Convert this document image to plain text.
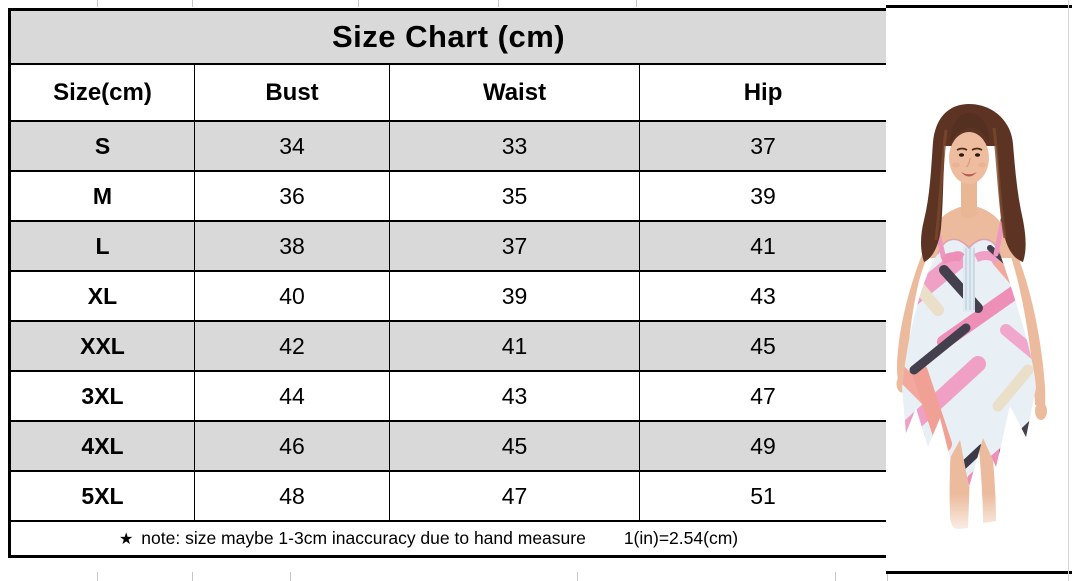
Size Chart (cm)			
Size(cm)	Bust	Waist	Hip
S	34	33	37
M	36	35	39
L	38	37	41
XL	40	39	43
XXL	42	41	45
3XL	44	43	47
4XL	46	45	49
5XL	48	47	51

★ note: size maybe 1-3cm inaccuracy due to hand measure 1(in)=2.54(cm)			
